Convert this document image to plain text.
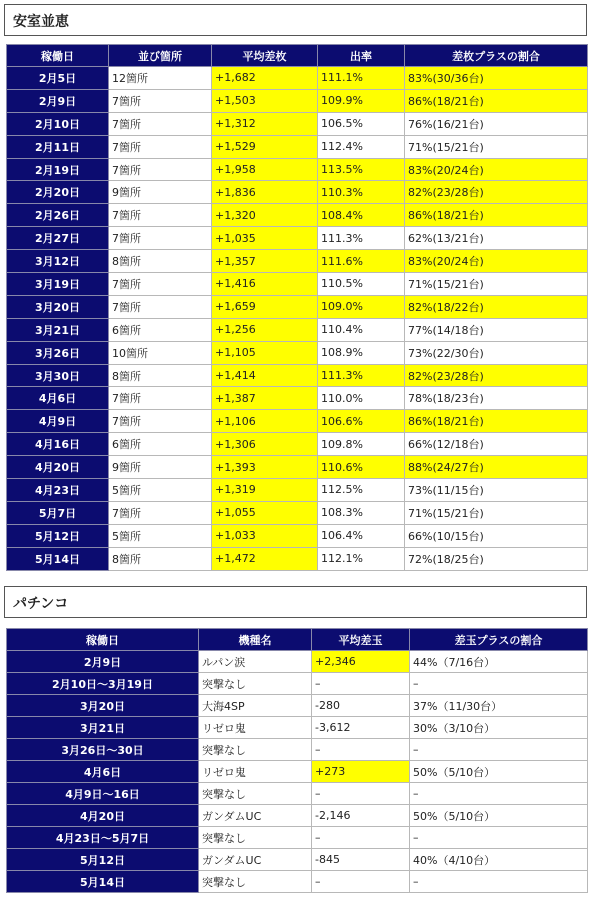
安室並恵
稼働日	並び箇所	平均差枚	出率	差枚プラスの割合
2月5日	12箇所	+1,682	111.1%	83%(30/36台)
2月9日	7箇所	+1,503	109.9%	86%(18/21台)
2月10日	7箇所	+1,312	106.5%	76%(16/21台)
2月11日	7箇所	+1,529	112.4%	71%(15/21台)
2月19日	7箇所	+1,958	113.5%	83%(20/24台)
2月20日	9箇所	+1,836	110.3%	82%(23/28台)
2月26日	7箇所	+1,320	108.4%	86%(18/21台)
2月27日	7箇所	+1,035	111.3%	62%(13/21台)
3月12日	8箇所	+1,357	111.6%	83%(20/24台)
3月19日	7箇所	+1,416	110.5%	71%(15/21台)
3月20日	7箇所	+1,659	109.0%	82%(18/22台)
3月21日	6箇所	+1,256	110.4%	77%(14/18台)
3月26日	10箇所	+1,105	108.9%	73%(22/30台)
3月30日	8箇所	+1,414	111.3%	82%(23/28台)
4月6日	7箇所	+1,387	110.0%	78%(18/23台)
4月9日	7箇所	+1,106	106.6%	86%(18/21台)
4月16日	6箇所	+1,306	109.8%	66%(12/18台)
4月20日	9箇所	+1,393	110.6%	88%(24/27台)
4月23日	5箇所	+1,319	112.5%	73%(11/15台)
5月7日	7箇所	+1,055	108.3%	71%(15/21台)
5月12日	5箇所	+1,033	106.4%	66%(10/15台)
5月14日	8箇所	+1,472	112.1%	72%(18/25台)
パチンコ
稼働日	機種名	平均差玉	差玉プラスの割合
2月9日	ルパン涙	+2,346	44%（7/16台）
2月10日～3月19日	突撃なし	–	–
3月20日	大海4SP	-280	37%（11/30台）
3月21日	リゼロ鬼	-3,612	30%（3/10台）
3月26日～30日	突撃なし	–	–
4月6日	リゼロ鬼	+273	50%（5/10台）
4月9日～16日	突撃なし	–	–
4月20日	ガンダムUC	-2,146	50%（5/10台）
4月23日～5月7日	突撃なし	–	–
5月12日	ガンダムUC	-845	40%（4/10台）
5月14日	突撃なし	–	–
